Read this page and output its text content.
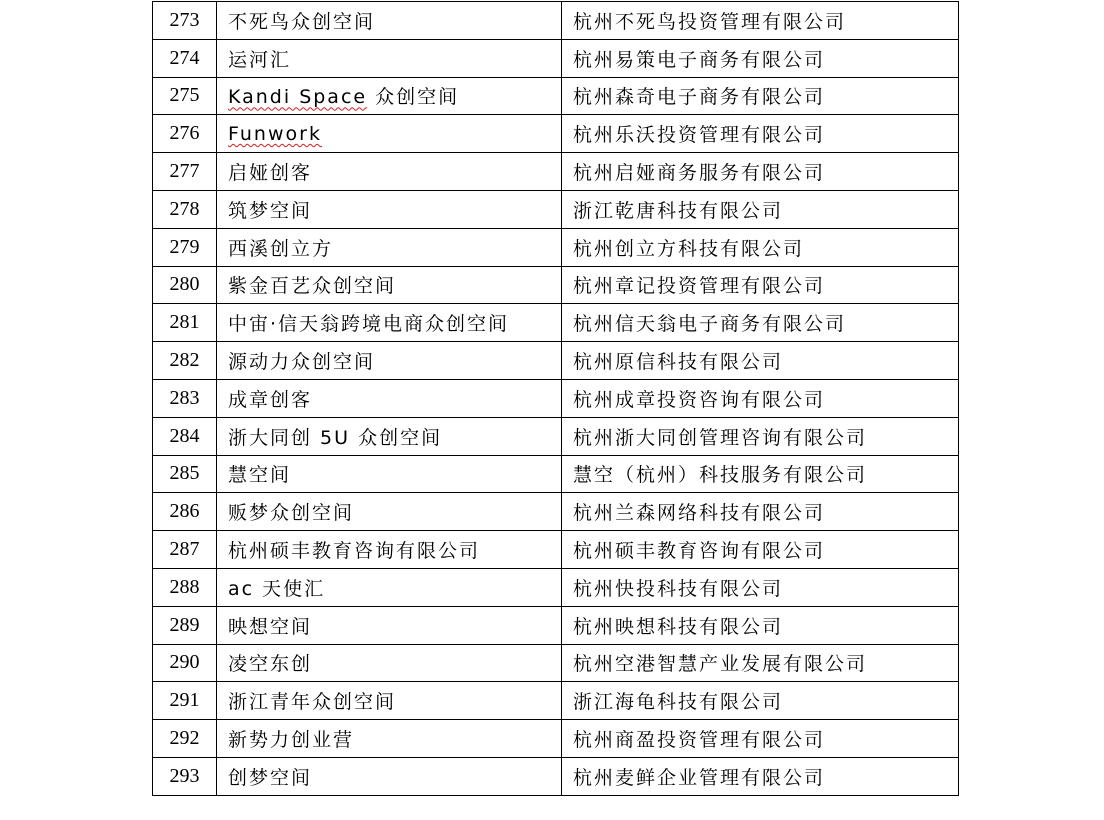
273	不死鸟众创空间	杭州不死鸟投资管理有限公司
274	运河汇	杭州易策电子商务有限公司
275	Kandi Space 众创空间	杭州森奇电子商务有限公司
276	Funwork	杭州乐沃投资管理有限公司
277	启娅创客	杭州启娅商务服务有限公司
278	筑梦空间	浙江乾唐科技有限公司
279	西溪创立方	杭州创立方科技有限公司
280	紫金百艺众创空间	杭州章记投资管理有限公司
281	中宙·信天翁跨境电商众创空间	杭州信天翁电子商务有限公司
282	源动力众创空间	杭州原信科技有限公司
283	成章创客	杭州成章投资咨询有限公司
284	浙大同创 5U 众创空间	杭州浙大同创管理咨询有限公司
285	慧空间	慧空（杭州）科技服务有限公司
286	贩梦众创空间	杭州兰森网络科技有限公司
287	杭州硕丰教育咨询有限公司	杭州硕丰教育咨询有限公司
288	ac 天使汇	杭州快投科技有限公司
289	映想空间	杭州映想科技有限公司
290	凌空东创	杭州空港智慧产业发展有限公司
291	浙江青年众创空间	浙江海龟科技有限公司
292	新势力创业营	杭州商盈投资管理有限公司
293	创梦空间	杭州麦鲜企业管理有限公司
